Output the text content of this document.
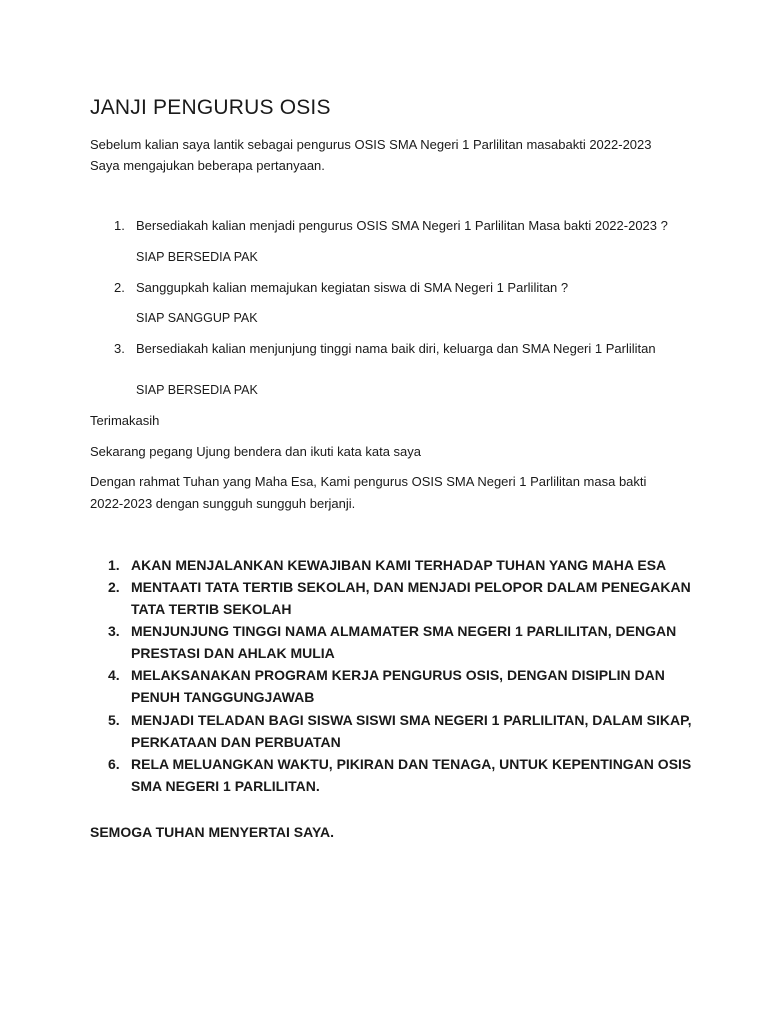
JANJI PENGURUS OSIS

Sebelum kalian saya lantik sebagai pengurus OSIS SMA Negeri 1 Parlilitan masabakti 2022-2023

Saya mengajukan beberapa pertanyaan.

1. Bersediakah kalian menjadi pengurus OSIS SMA Negeri 1 Parlilitan Masa bakti 2022-2023 ?
SIAP BERSEDIA PAK
2. Sanggupkah kalian memajukan kegiatan siswa di SMA Negeri 1 Parlilitan ?
SIAP SANGGUP PAK
3. Bersediakah kalian menjunjung tinggi nama baik diri, keluarga dan SMA Negeri 1 Parlilitan
SIAP BERSEDIA PAK

Terimakasih

Sekarang pegang Ujung bendera dan ikuti kata kata saya

Dengan rahmat Tuhan yang Maha Esa, Kami pengurus OSIS SMA Negeri 1 Parlilitan masa bakti

2022-2023 dengan sungguh sungguh berjanji.

1. AKAN MENJALANKAN KEWAJIBAN KAMI TERHADAP TUHAN YANG MAHA ESA
2. MENTAATI TATA TERTIB SEKOLAH, DAN MENJADI PELOPOR DALAM PENEGAKAN TATA TERTIB SEKOLAH
3. MENJUNJUNG TINGGI NAMA ALMAMATER SMA NEGERI 1 PARLILITAN, DENGAN PRESTASI DAN AHLAK MULIA
4. MELAKSANAKAN PROGRAM KERJA PENGURUS OSIS, DENGAN DISIPLIN DAN PENUH TANGGUNGJAWAB
5. MENJADI TELADAN BAGI SISWA SISWI SMA NEGERI 1 PARLILITAN, DALAM SIKAP, PERKATAAN DAN PERBUATAN
6. RELA MELUANGKAN WAKTU, PIKIRAN DAN TENAGA, UNTUK KEPENTINGAN OSIS SMA NEGERI 1 PARLILITAN.

SEMOGA TUHAN MENYERTAI SAYA.
